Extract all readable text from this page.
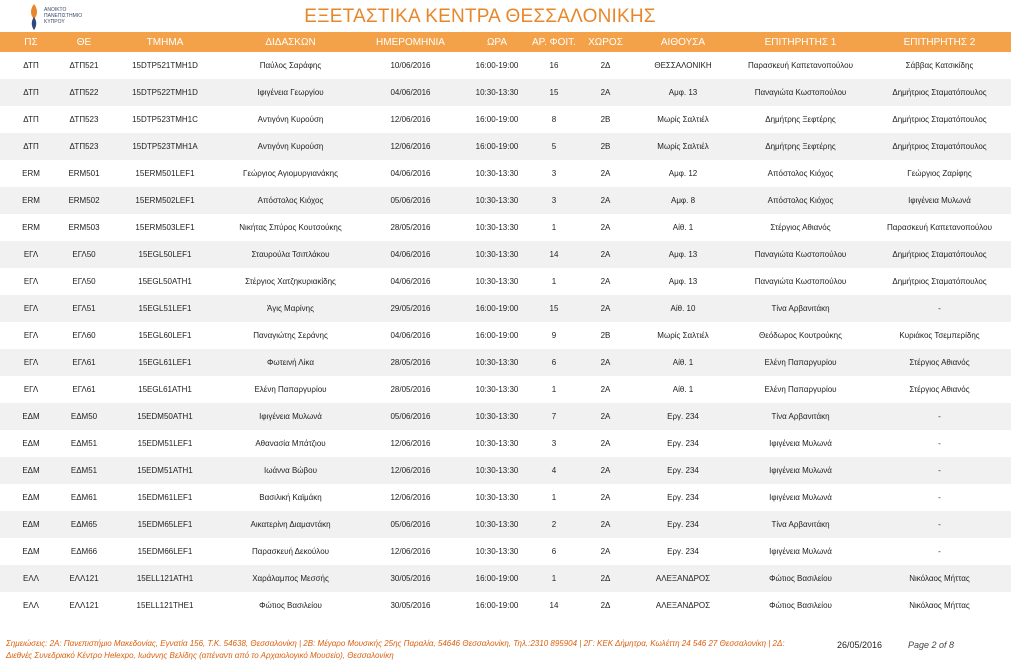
ΑΝΟΙΚΤΟ
ΠΑΝΕΠΙΣΤΗΜΙΟ
ΚΥΠΡΟΥ	ΕΞΕΤΑΣΤΙΚΑ ΚΕΝΤΡΑ ΘΕΣΣΑΛΟΝΙΚΗΣ
ΠΣ	ΘΕ	ΤΜΗΜΑ	ΔΙΔΑΣΚΩΝ	ΗΜΕΡΟΜΗΝΙΑ	ΩΡΑ	ΑΡ. ΦΟΙΤ.	ΧΩΡΟΣ	ΑΙΘΟΥΣΑ	ΕΠΙΤΗΡΗΤΗΣ 1	ΕΠΙΤΗΡΗΤΗΣ 2
ΔΤΠ	ΔΤΠ521	15DTP521TMH1D	Παύλος Σαράφης	10/06/2016	16:00-19:00	16	2Δ	ΘΕΣΣΑΛΟΝΙΚΗ	Παρασκευή Καπετανοπούλου	Σάββας Κατσικίδης
ΔΤΠ	ΔΤΠ522	15DTP522TMH1D	Ιφιγένεια Γεωργίου	04/06/2016	10:30-13:30	15	2Α	Αμφ. 13	Παναγιώτα Κωστοπούλου	Δημήτριος Σταματόπουλος
ΔΤΠ	ΔΤΠ523	15DTP523TMH1C	Αντιγόνη Κυρούση	12/06/2016	16:00-19:00	8	2Β	Μωρίς Σαλτιέλ	Δημήτρης Ξεφτέρης	Δημήτριος Σταματόπουλος
ΔΤΠ	ΔΤΠ523	15DTP523TMH1A	Αντιγόνη Κυρούση	12/06/2016	16:00-19:00	5	2Β	Μωρίς Σαλτιέλ	Δημήτρης Ξεφτέρης	Δημήτριος Σταματόπουλος
ERM	ERM501	15ERM501LEF1	Γεώργιος Αγιομυργιανάκης	04/06/2016	10:30-13:30	3	2Α	Αμφ. 12	Απόστολος Κιόχος	Γεώργιος Ζαρίφης
ERM	ERM502	15ERM502LEF1	Απόστολος Κιόχος	05/06/2016	10:30-13:30	3	2Α	Αμφ. 8	Απόστολος Κιόχος	Ιφιγένεια Μυλωνά
ERM	ERM503	15ERM503LEF1	Νικήτας Σπύρος Κουτσούκης	28/05/2016	10:30-13:30	1	2Α	Αίθ. 1	Στέργιος Αθιανός	Παρασκευή Καπετανοπούλου
ΕΓΛ	ΕΓΛ50	15EGL50LEF1	Σταυρούλα Τσιπλάκου	04/06/2016	10:30-13:30	14	2Α	Αμφ. 13	Παναγιώτα Κωστοπούλου	Δημήτριος Σταματόπουλος
ΕΓΛ	ΕΓΛ50	15EGL50ATH1	Στέργιος Χατζηκυριακίδης	04/06/2016	10:30-13:30	1	2Α	Αμφ. 13	Παναγιώτα Κωστοπούλου	Δημήτριος Σταματόπουλος
ΕΓΛ	ΕΓΛ51	15EGL51LEF1	Άγις Μαρίνης	29/05/2016	16:00-19:00	15	2Α	Αίθ. 10	Τίνα Αρβανιτάκη	-
ΕΓΛ	ΕΓΛ60	15EGL60LEF1	Παναγιώτης Σεράνης	04/06/2016	16:00-19:00	9	2Β	Μωρίς Σαλτιέλ	Θεόδωρος Κουτρούκης	Κυριάκος Τσεμπερίδης
ΕΓΛ	ΕΓΛ61	15EGL61LEF1	Φωτεινή Λίκα	28/05/2016	10:30-13:30	6	2Α	Αίθ. 1	Ελένη Παπαργυρίου	Στέργιος Αθιανός
ΕΓΛ	ΕΓΛ61	15EGL61ATH1	Ελένη Παπαργυρίου	28/05/2016	10:30-13:30	1	2Α	Αίθ. 1	Ελένη Παπαργυρίου	Στέργιος Αθιανός
ΕΔΜ	ΕΔΜ50	15EDM50ATH1	Ιφιγένεια Μυλωνά	05/06/2016	10:30-13:30	7	2Α	Εργ. 234	Τίνα Αρβανιτάκη	-
ΕΔΜ	ΕΔΜ51	15EDM51LEF1	Αθανασία Μπάτζιου	12/06/2016	10:30-13:30	3	2Α	Εργ. 234	Ιφιγένεια Μυλωνά	-
ΕΔΜ	ΕΔΜ51	15EDM51ATH1	Ιωάννα Βώβου	12/06/2016	10:30-13:30	4	2Α	Εργ. 234	Ιφιγένεια Μυλωνά	-
ΕΔΜ	ΕΔΜ61	15EDM61LEF1	Βασιλική Καϊμάκη	12/06/2016	10:30-13:30	1	2Α	Εργ. 234	Ιφιγένεια Μυλωνά	-
ΕΔΜ	ΕΔΜ65	15EDM65LEF1	Αικατερίνη Διαμαντάκη	05/06/2016	10:30-13:30	2	2Α	Εργ. 234	Τίνα Αρβανιτάκη	-
ΕΔΜ	ΕΔΜ66	15EDM66LEF1	Παρασκευή Δεκούλου	12/06/2016	10:30-13:30	6	2Α	Εργ. 234	Ιφιγένεια Μυλωνά	-
ΕΛΛ	ΕΛΛ121	15ELL121ATH1	Χαράλαμπος Μεσσής	30/05/2016	16:00-19:00	1	2Δ	ΑΛΕΞΑΝΔΡΟΣ	Φώτιος Βασιλείου	Νικόλαος Μήττας
ΕΛΛ	ΕΛΛ121	15ELL121THE1	Φώτιος Βασιλείου	30/05/2016	16:00-19:00	14	2Δ	ΑΛΕΞΑΝΔΡΟΣ	Φώτιος Βασιλείου	Νικόλαος Μήττας
Σημειώσεις: 2Α: Πανεπιστήμιο Μακεδονίας, Εγνατία 156, Τ.Κ. 54638, Θεσσαλονίκη | 2Β: Μέγαρο Μουσικής 25ης Παραλία, 54646 Θεσσαλονίκη, Τηλ.:2310 895904 | 2Γ: ΚΕΚ Δήμητρα, Κωλέττη 24 546 27 Θεσσαλονίκη | 2Δ:
Διεθνές Συνεδριακό Κέντρο Helexpo, Ιωάννης Βελίδης (απέναντι από το Αρχαιολογικό Μουσείο), Θεσσαλονίκη
26/05/2016	Page 2 of 8
